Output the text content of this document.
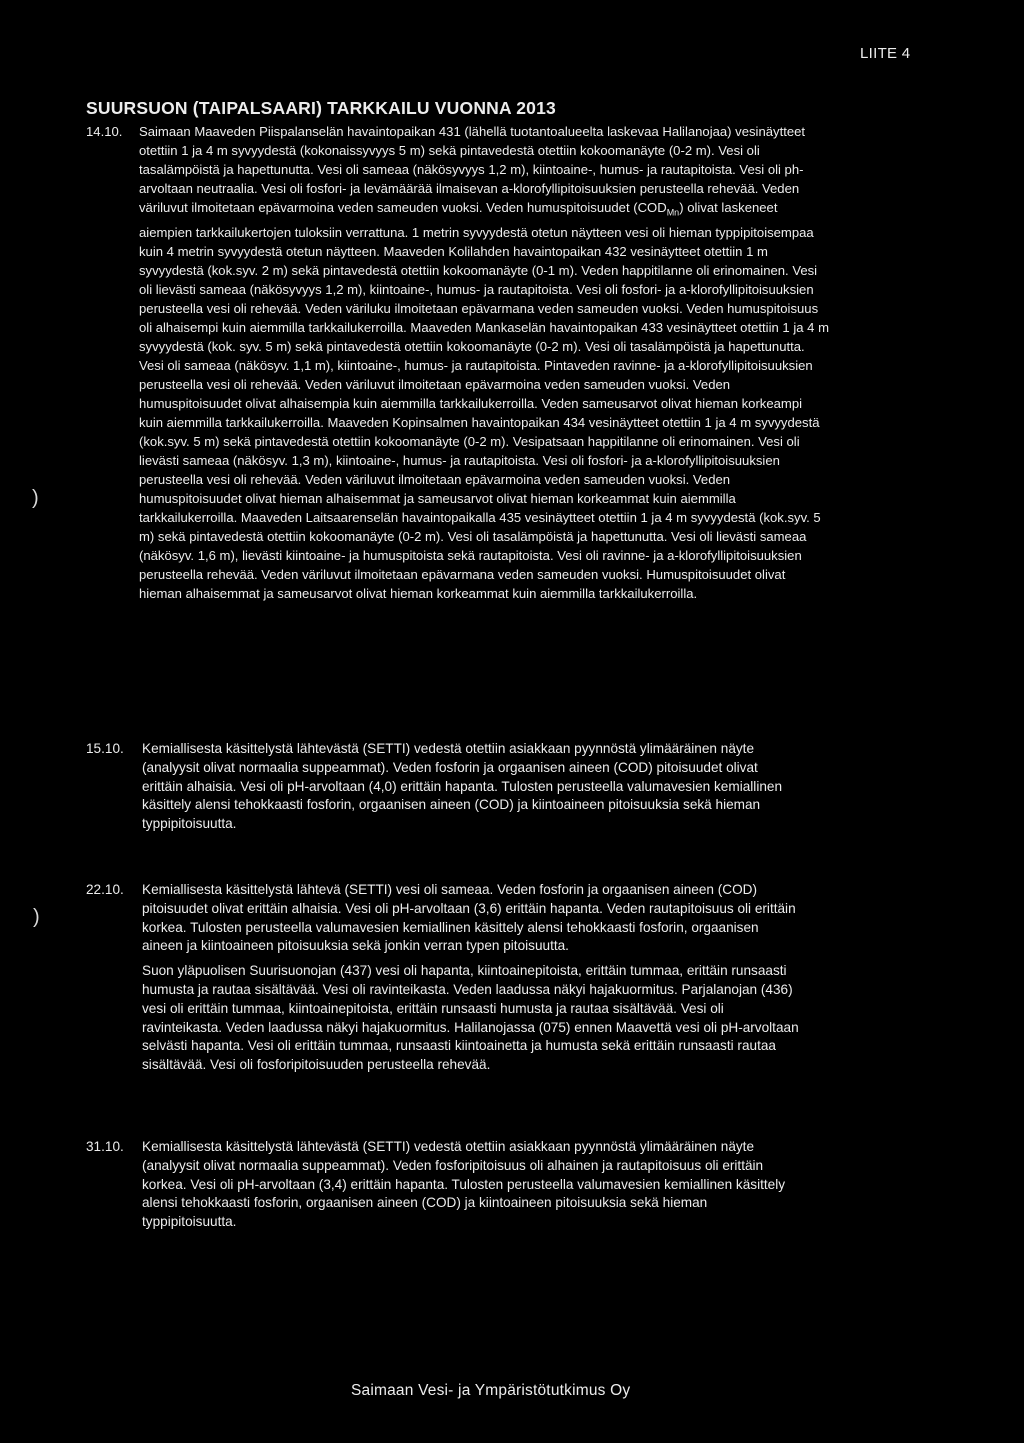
LIITE 4
SUURSUON (TAIPALSAARI) TARKKAILU VUONNA 2013
14.10. Saimaan Maaveden Piispalanselän havaintopaikan 431 (lähellä tuotantoalueelta laskevaa Halilanojaa) vesinäytteet otettiin 1 ja 4 m syvyydestä (kokonaissyvyys 5 m) sekä pintavedestä otettiin kokoomanäyte (0-2 m). Vesi oli tasalämpöistä ja hapettunutta. Vesi oli sameaa (näkösyvyys 1,2 m), kiintoaine-, humus- ja rautapitoista. Vesi oli ph-arvoltaan neutraalia. Vesi oli fosfori- ja levämäärää ilmaisevan a-klorofyllipitoisuuksien perusteella rehevää. Veden väriluvut ilmoitetaan epävarmoina veden sameuden vuoksi. Veden humuspitoisuudet $(COD_{Mn})$ olivat laskeneet aiempien tarkkailukertojen tuloksiin verrattuna. 1 metrin syvyydestä otetun näytteen vesi oli hieman typpipitoisempaa kuin 4 metrin syvyydestä otetun näytteen. Maaveden Kolilahden havaintopaikan 432 vesinäytteet otettiin 1 m syvyydestä (kok.syv. 2 m) sekä pintavedestä otettiin kokoomanäyte (0-1 m). Veden happitilanne oli erinomainen. Vesi oli lievästi sameaa (näkösyvyys 1,2 m), kiintoaine-, humus- ja rautapitoista. Vesi oli fosfori- ja a-klorofyllipitoisuuksien perusteella vesi oli rehevää. Veden väriluku ilmoitetaan epävarmana veden sameuden vuoksi. Veden humuspitoisuus oli alhaisempi kuin aiemmilla tarkkailukerroilla. Maaveden Mankaselän havaintopaikan 433 vesinäytteet otettiin 1 ja 4 m syvyydestä (kok. syv. 5 m) sekä pintavedestä otettiin kokoomanäyte (0-2 m). Vesi oli tasalämpöistä ja hapettunutta. Vesi oli sameaa (näkösyv. 1,1 m), kiintoaine-, humus- ja rautapitoista. Pintaveden ravinne- ja a-klorofyllipitoisuuksien perusteella vesi oli rehevää. Veden väriluvut ilmoitetaan epävarmoina veden sameuden vuoksi. Veden humuspitoisuudet olivat alhaisempia kuin aiemmilla tarkkailukerroilla. Veden sameusarvot olivat hieman korkeampi kuin aiemmilla tarkkailukerroilla. Maaveden Kopinsalmen havaintopaikan 434 vesinäytteet otettiin 1 ja 4 m syvyydestä (kok.syv. 5 m) sekä pintavedestä otettiin kokoomanäyte (0-2 m). Vesipatsaan happitilanne oli erinomainen. Vesi oli lievästi sameaa (näkösyv. 1,3 m), kiintoaine-, humus- ja rautapitoista. Vesi oli fosfori- ja a-klorofyllipitoisuuksien perusteella vesi oli rehevää. Veden väriluvut ilmoitetaan epävarmoina veden sameuden vuoksi. Veden humuspitoisuudet olivat hieman alhaisemmat ja sameusarvot olivat hieman korkeammat kuin aiemmilla tarkkailukerroilla. Maaveden Laitsaarenselän havaintopaikalla 435 vesinäytteet otettiin 1 ja 4 m syvyydestä (kok.syv. 5 m) sekä pintavedestä otettiin kokoomanäyte (0-2 m). Vesi oli tasalämpöistä ja hapettunutta. Vesi oli lievästi sameaa (näkösyv. 1,6 m), lievästi kiintoaine- ja humuspitoista sekä rautapitoista. Vesi oli ravinne- ja a-klorofyllipitoisuuksien perusteella rehevää. Veden väriluvut ilmoitetaan epävarmana veden sameuden vuoksi. Humuspitoisuudet olivat hieman alhaisemmat ja sameusarvot olivat hieman korkeammat kuin aiemmilla tarkkailukerroilla.
15.10. Kemiallisesta käsittelystä lähtevästä (SETTI) vedestä otettiin asiakkaan pyynnöstä ylimääräinen näyte (analyysit olivat normaalia suppeammat). Veden fosforin ja orgaanisen aineen (COD) pitoisuudet olivat erittäin alhaisia. Vesi oli pH-arvoltaan (4,0) erittäin hapanta. Tulosten perusteella valumavesien kemiallinen käsittely alensi tehokkaasti fosforin, orgaanisen aineen (COD) ja kiintoaineen pitoisuuksia sekä hieman typpipitoisuutta.

22.10. Kemiallisesta käsittelystä lähtevä (SETTI) vesi oli sameaa. Veden fosforin ja orgaanisen aineen (COD) pitoisuudet olivat erittäin alhaisia. Vesi oli pH-arvoltaan (3,6) erittäin hapanta. Veden rautapitoisuus oli erittäin korkea. Tulosten perusteella valumavesien kemiallinen käsittely alensi tehokkaasti fosforin, orgaanisen aineen ja kiintoaineen pitoisuuksia sekä jonkin verran typen pitoisuutta.

Suon yläpuolisen Suurisuonojan (437) vesi oli hapanta, kiintoainepitoista, erittäin tummaa, erittäin runsaasti humusta ja rautaa sisältävää. Vesi oli ravinteikasta. Veden laadussa näkyi hajakuormitus. Parjalanojan (436) vesi oli erittäin tummaa, kiintoainepitoista, erittäin runsaasti humusta ja rautaa sisältävää. Vesi oli ravinteikasta. Veden laadussa näkyi hajakuormitus. Halilanojassa (075) ennen Maavettä vesi oli pH-arvoltaan selvästi hapanta. Vesi oli erittäin tummaa, runsaasti kiintoainetta ja humusta sekä erittäin runsaasti rautaa sisältävää. Vesi oli fosforipitoisuuden perusteella rehevää.

31.10. Kemiallisesta käsittelystä lähtevästä (SETTI) vedestä otettiin asiakkaan pyynnöstä ylimääräinen näyte (analyysit olivat normaalia suppeammat). Veden fosforipitoisuus oli alhainen ja rautapitoisuus oli erittäin korkea. Vesi oli pH-arvoltaan (3,4) erittäin hapanta. Tulosten perusteella valumavesien kemiallinen käsittely alensi tehokkaasti fosforin, orgaanisen aineen (COD) ja kiintoaineen pitoisuuksia sekä hieman typpipitoisuutta.

)
)
Saimaan Vesi- ja Ympäristötutkimus Oy
